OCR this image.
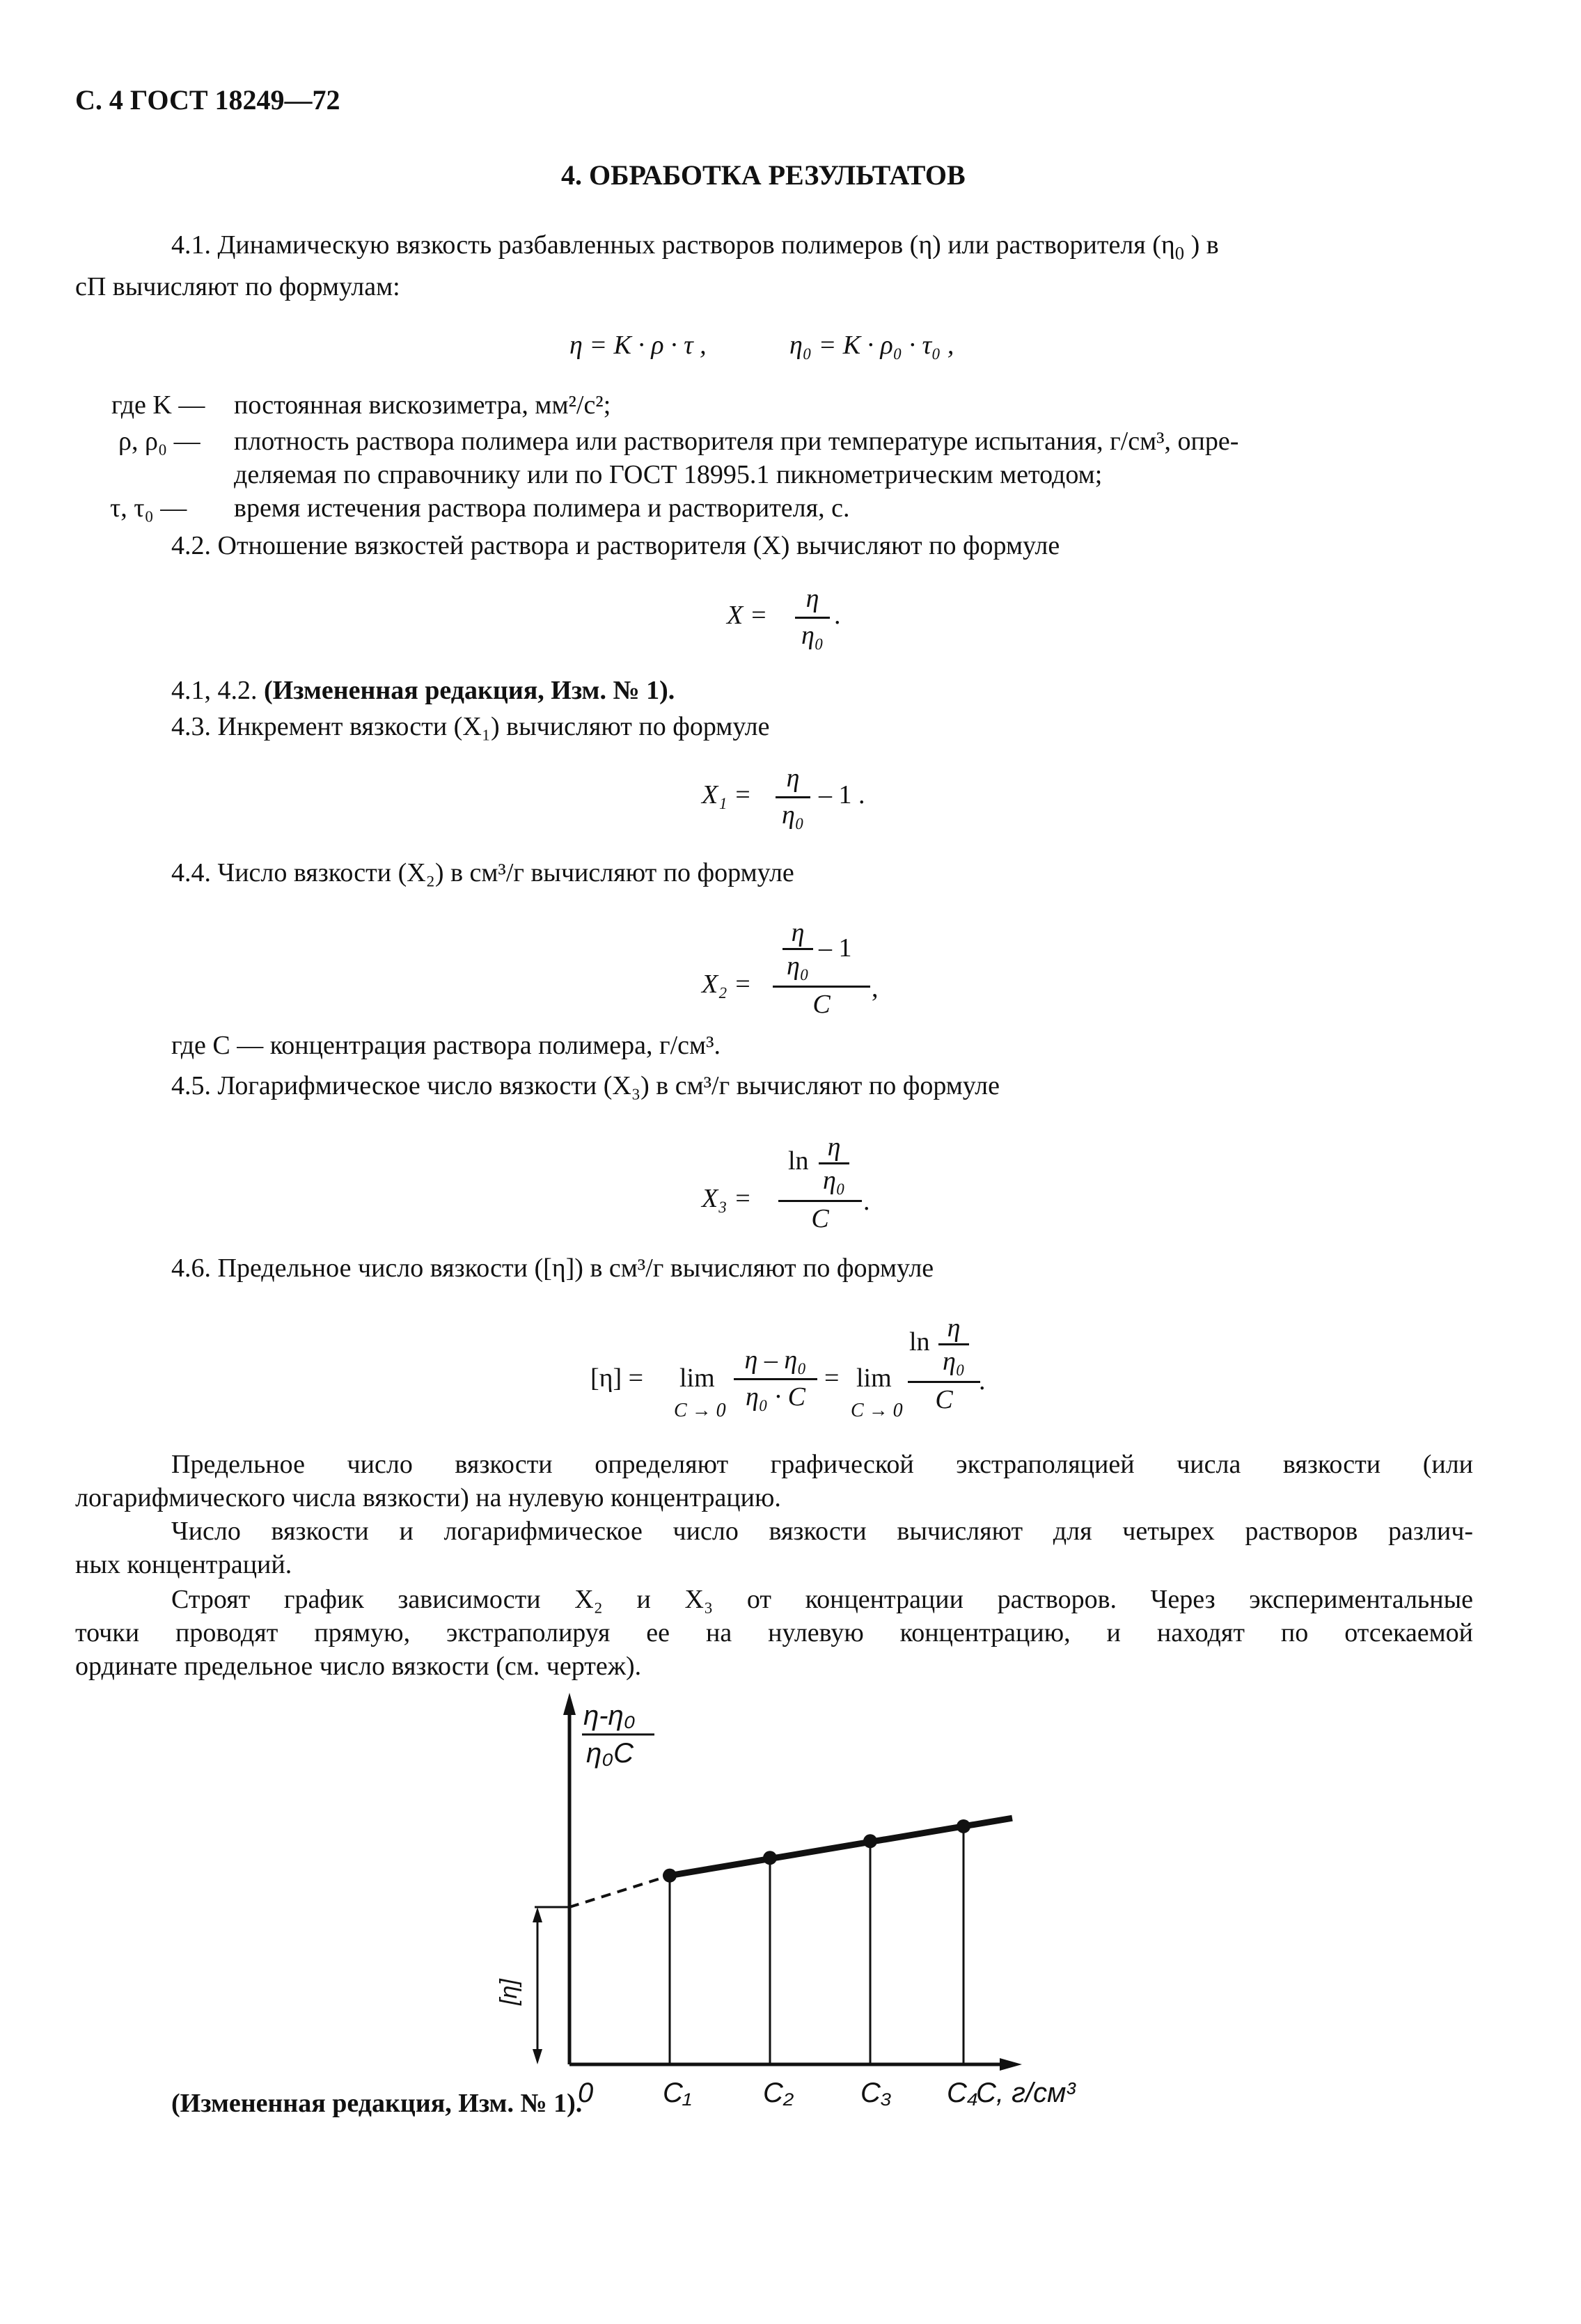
С. 4 ГОСТ 18249—72
4. ОБРАБОТКА РЕЗУЛЬТАТОВ
4.1. Динамическую вязкость разбавленных растворов полимеров (η) или растворителя ($\eta_0$ ) в
сП вычисляют по формулам:
η = K · ρ · τ ,	η₀ = K · ρ₀ · τ₀ ,
где K — постоянная вискозиметра, мм²/с²;
ρ, ρ₀ — плотность раствора полимера или растворителя при температуре испытания, г/см³, опре-
деляемая по справочнику или по ГОСТ 18995.1 пикнометрическим методом;
τ, τ₀ — время истечения раствора полимера и растворителя, с.
4.2. Отношение вязкостей раствора и растворителя (X) вычисляют по формуле
X =
η
η₀
.
4.1, 4.2. (Измененная редакция, Изм. № 1).
4.3. Инкремент вязкости (X₁) вычисляют по формуле
X₁ =
η
η₀
– 1 .
4.4. Число вязкости (X₂) в см³/г вычисляют по формуле
X₂ =
η
η₀
– 1
C
,
где C — концентрация раствора полимера, г/см³.
4.5. Логарифмическое число вязкости (X₃) в см³/г вычисляют по формуле
X₃ =
ln η
η₀
C
.
4.6. Предельное число вязкости ([η]) в см³/г вычисляют по формуле
[η] = lim
C → 0
η – η₀
η₀ · C
= lim
C → 0
ln η
η₀
C
.
Предельное число вязкости определяют графической экстраполяцией числа вязкости (или
логарифмического числа вязкости) на нулевую концентрацию.
Число вязкости и логарифмическое число вязкости вычисляют для четырех растворов различ-
ных концентраций.
Строят график зависимости X₂ и X₃ от концентрации растворов. Через экспериментальные
точки проводят прямую, экстраполируя ее на нулевую концентрацию, и находят по отсекаемой
ординате предельное число вязкости (см. чертеж).
[η]
η-η₀
η₀C
0 C₁	C₂ C₃ C₄
C, г/см³
(Измененная редакция, Изм. № 1).
